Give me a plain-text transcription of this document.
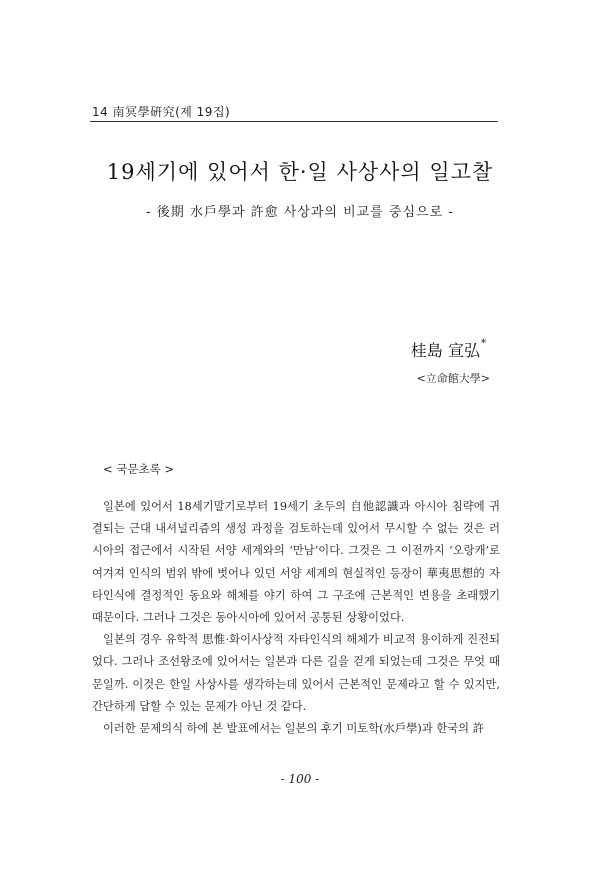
14 南冥學硏究(제 19집)
19세기에 있어서 한·일 사상사의 일고찰
- 後期 水戶學과 許愈 사상과의 비교를 중심으로 -
桂島 宣弘*
<立命館大學>
< 국문초록 >

일본에 있어서 18세기말기로부터 19세기 초두의 自他認識과 아시아 침략에 귀결되는 근대 내셔널리즘의 생성 과정을 검토하는데 있어서 무시할 수 없는 것은 러시아의 접근에서 시작된 서양 세계와의 ‘만남’이다. 그것은 그 이전까지 ‘오랑캐’로 여겨져 인식의 범위 밖에 벗어나 있던 서양 세계의 현실적인 등장이 華夷思想的 자타인식에 결정적인 동요와 해체를 야기 하여 그 구조에 근본적인 변용을 초래했기 때문이다. 그러나 그것은 동아시아에 있어서 공통된 상황이었다.

일본의 경우 유학적 思惟·화이사상적 자타인식의 해체가 비교적 용이하게 진전되었다. 그러나 조선왕조에 있어서는 일본과 다른 길을 걷게 되었는데 그것은 무엇 때문일까. 이것은 한일 사상사를 생각하는데 있어서 근본적인 문제라고 할 수 있지만, 간단하게 답할 수 있는 문제가 아닌 것 같다.

이러한 문제의식 하에 본 발표에서는 일본의 후기 미토학(水戶學)과 한국의 許

- 100 -
